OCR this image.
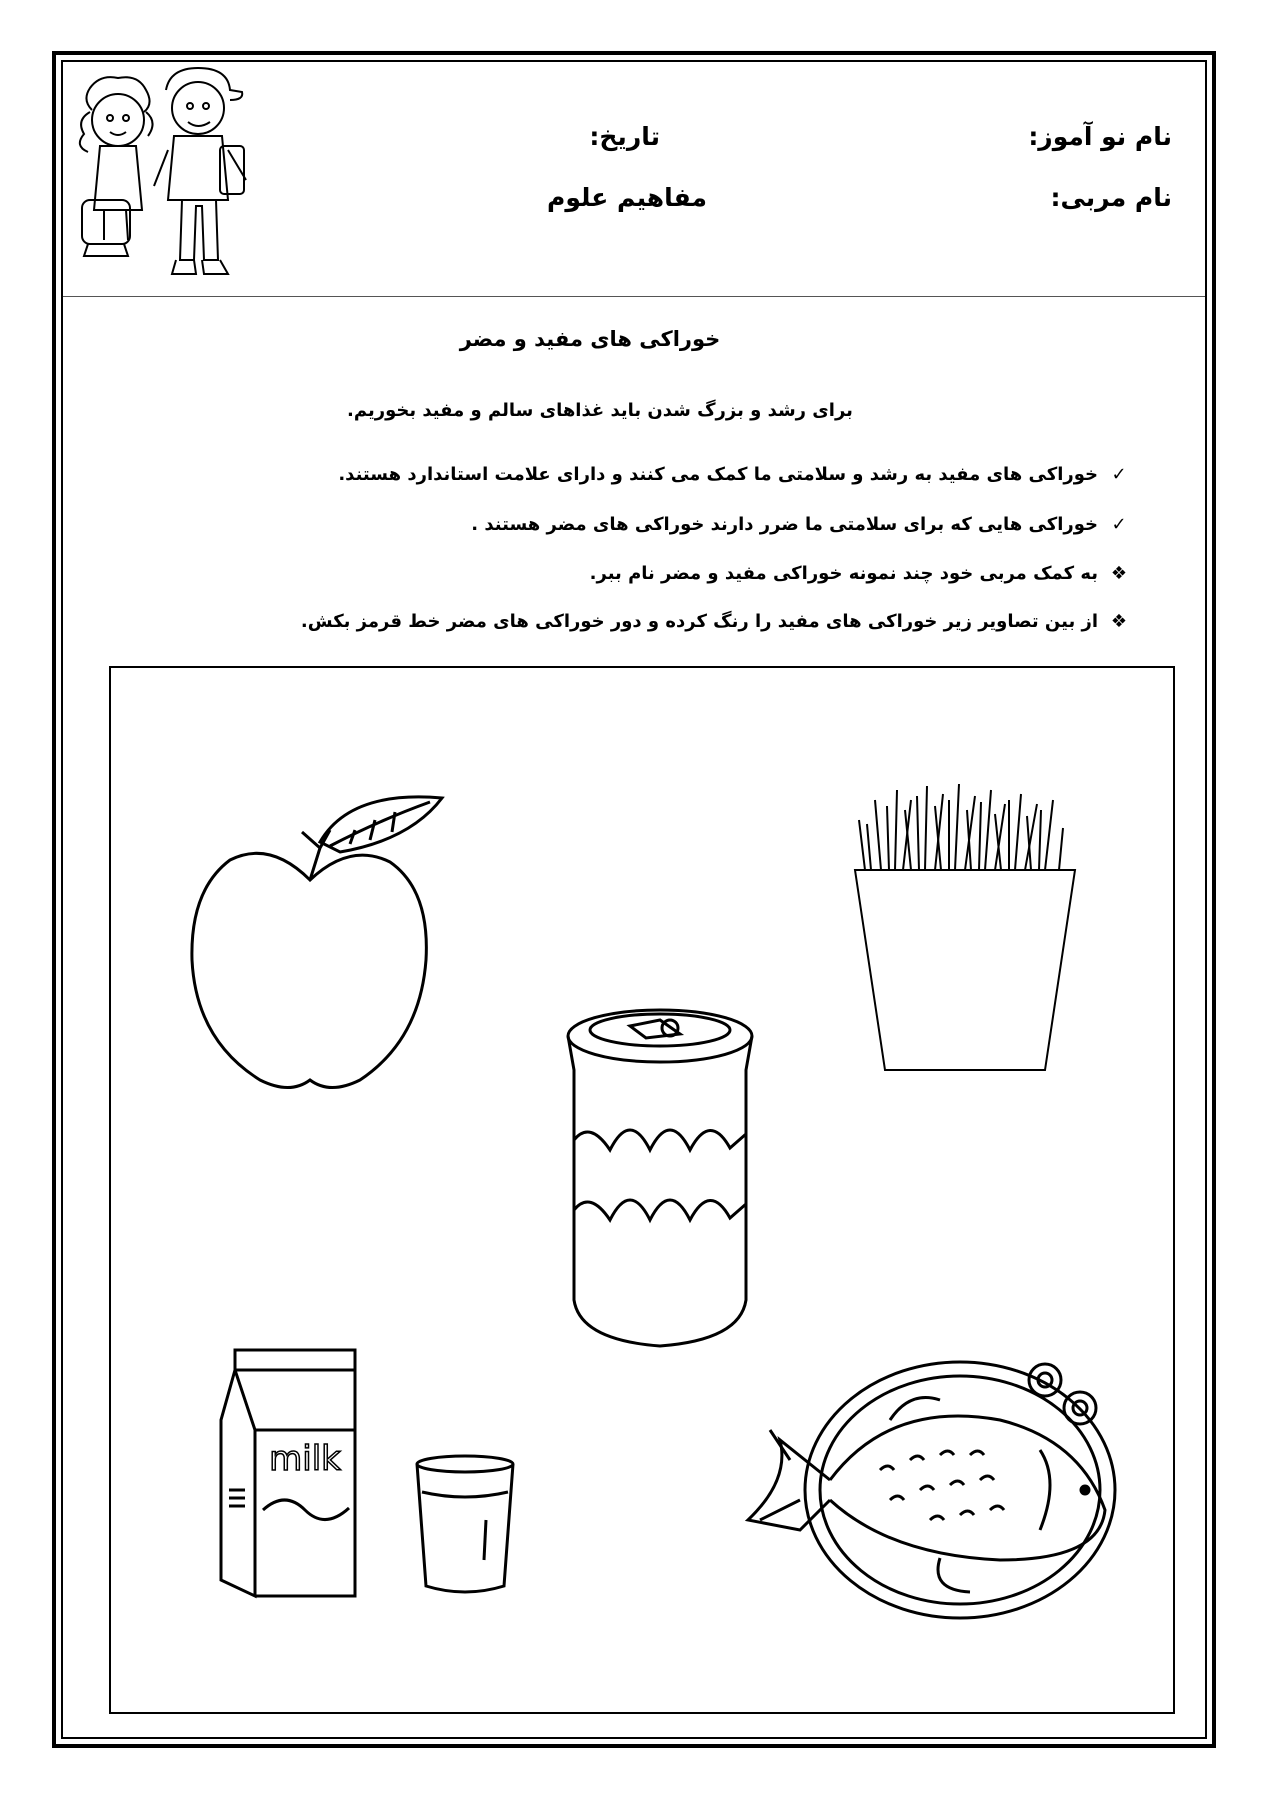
نام نو آموز:
نام مربی:
تاریخ:
مفاهیم علوم
خوراکی های مفید و مضر
برای رشد و بزرگ شدن باید غذاهای سالم و مفید بخوریم.
✓
خوراکی های مفید به رشد و سلامتی ما کمک می کنند و دارای علامت استاندارد هستند.
✓
خوراکی هایی که برای سلامتی ما ضرر دارند خوراکی های مضر هستند .
❖
به کمک مربی خود چند نمونه خوراکی مفید و مضر نام ببر.
❖
از بین تصاویر زیر خوراکی های مفید را رنگ کرده و دور خوراکی های مضر خط قرمز بکش.
milk
